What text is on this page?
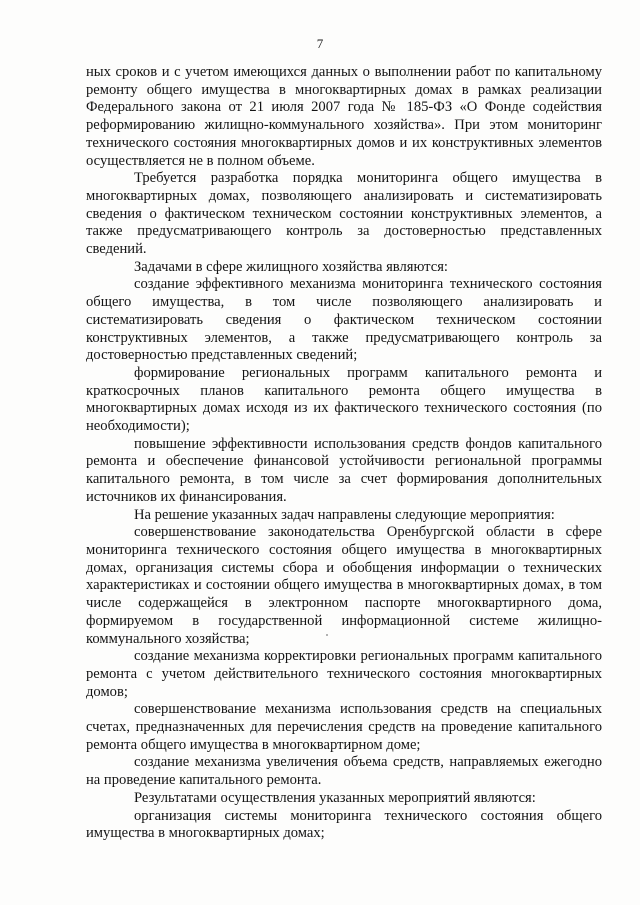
7

ных сроков и с учетом имеющихся данных о выполнении работ по капитальному ремонту общего имущества в многоквартирных домах в рамках реализации Федерального закона от 21 июля 2007 года № 185-ФЗ «О Фонде содействия реформированию жилищно-коммунального хозяйства». При этом мониторинг технического состояния многоквартирных домов и их конструктивных элементов осуществляется не в полном объеме.

Требуется разработка порядка мониторинга общего имущества в многоквартирных домах, позволяющего анализировать и систематизировать сведения о фактическом техническом состоянии конструктивных элементов, а также предусматривающего контроль за достоверностью представленных сведений.

Задачами в сфере жилищного хозяйства являются:

создание эффективного механизма мониторинга технического состояния общего имущества, в том числе позволяющего анализировать и систематизировать сведения о фактическом техническом состоянии конструктивных элементов, а также предусматривающего контроль за достоверностью представленных сведений;

формирование региональных программ капитального ремонта и краткосрочных планов капитального ремонта общего имущества в многоквартирных домах исходя из их фактического технического состояния (по необходимости);

повышение эффективности использования средств фондов капитального ремонта и обеспечение финансовой устойчивости региональной программы капитального ремонта, в том числе за счет формирования дополнительных источников их финансирования.

На решение указанных задач направлены следующие мероприятия:

совершенствование законодательства Оренбургской области в сфере мониторинга технического состояния общего имущества в многоквартирных домах, организация системы сбора и обобщения информации о технических характеристиках и состоянии общего имущества в многоквартирных домах, в том числе содержащейся в электронном паспорте многоквартирного дома, формируемом в государственной информационной системе жилищно-коммунального хозяйства;

создание механизма корректировки региональных программ капитального ремонта с учетом действительного технического состояния многоквартирных домов;

совершенствование механизма использования средств на специальных счетах, предназначенных для перечисления средств на проведение капитального ремонта общего имущества в многоквартирном доме;

создание механизма увеличения объема средств, направляемых ежегодно на проведение капитального ремонта.

Результатами осуществления указанных мероприятий являются:

организация системы мониторинга технического состояния общего имущества в многоквартирных домах;
